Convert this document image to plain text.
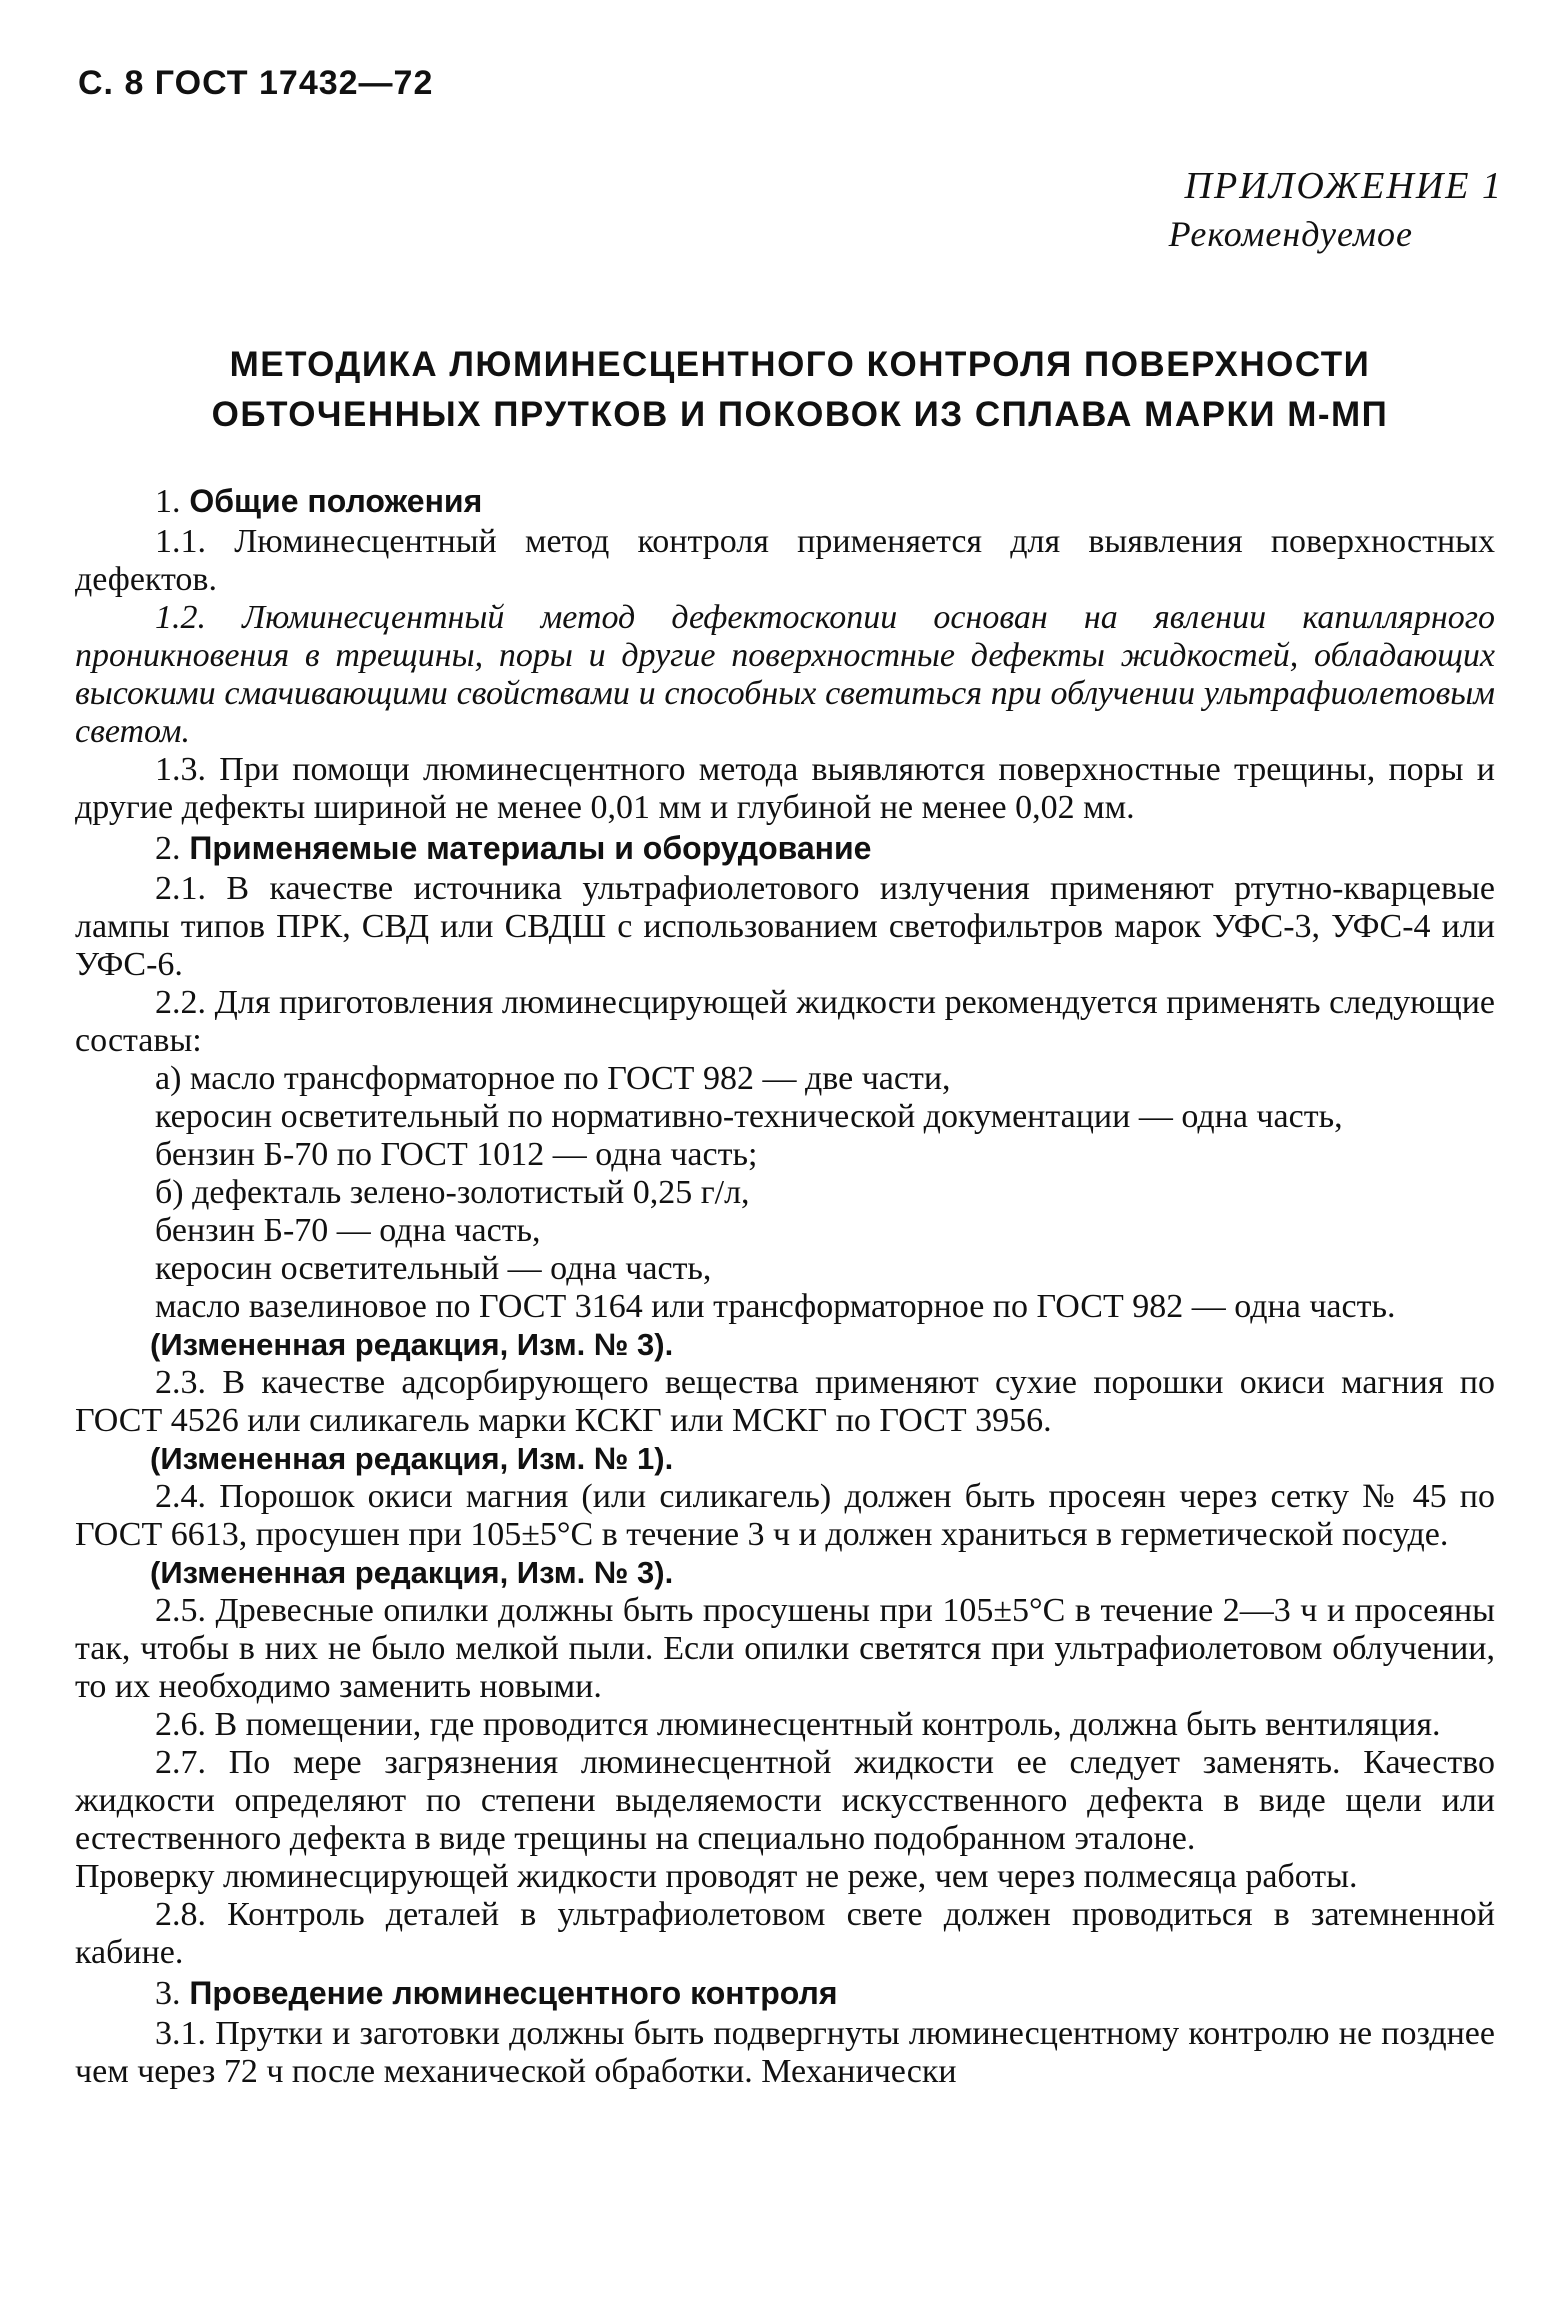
С. 8 ГОСТ 17432—72
ПРИЛОЖЕНИЕ 1
Рекомендуемое
МЕТОДИКА ЛЮМИНЕСЦЕНТНОГО КОНТРОЛЯ ПОВЕРХНОСТИ
ОБТОЧЕННЫХ ПРУТКОВ И ПОКОВОК ИЗ СПЛАВА МАРКИ М-МП

1. Общие положения

1.1. Люминесцентный метод контроля применяется для выявления поверхностных дефектов.

1.2. Люминесцентный метод дефектоскопии основан на явлении капиллярного проникновения в трещины, поры и другие поверхностные дефекты жидкостей, обладающих высокими смачивающими свойствами и способных светиться при облучении ультрафиолетовым светом.

1.3. При помощи люминесцентного метода выявляются поверхностные трещины, поры и другие дефекты шириной не менее 0,01 мм и глубиной не менее 0,02 мм.

2. Применяемые материалы и оборудование

2.1. В качестве источника ультрафиолетового излучения применяют ртутно-кварцевые лампы типов ПРК, СВД или СВДШ с использованием светофильтров марок УФС-3, УФС-4 или УФС-6.

2.2. Для приготовления люминесцирующей жидкости рекомендуется применять следующие составы:

а) масло трансформаторное по ГОСТ 982 — две части,

керосин осветительный по нормативно-технической документации — одна часть,

бензин Б-70 по ГОСТ 1012 — одна часть;

б) дефекталь зелено-золотистый 0,25 г/л,

бензин Б-70 — одна часть,

керосин осветительный — одна часть,

масло вазелиновое по ГОСТ 3164 или трансформаторное по ГОСТ 982 — одна часть.

(Измененная редакция, Изм. № 3).

2.3. В качестве адсорбирующего вещества применяют сухие порошки окиси магния по ГОСТ 4526 или силикагель марки КСКГ или МСКГ по ГОСТ 3956.

(Измененная редакция, Изм. № 1).

2.4. Порошок окиси магния (или силикагель) должен быть просеян через сетку № 45 по ГОСТ 6613, просушен при 105±5°С в течение 3 ч и должен храниться в герметической посуде.

(Измененная редакция, Изм. № 3).

2.5. Древесные опилки должны быть просушены при 105±5°С в течение 2—3 ч и просеяны так, чтобы в них не было мелкой пыли. Если опилки светятся при ультрафиолетовом облучении, то их необходимо заменить новыми.

2.6. В помещении, где проводится люминесцентный контроль, должна быть вентиляция.

2.7. По мере загрязнения люминесцентной жидкости ее следует заменять. Качество жидкости определяют по степени выделяемости искусственного дефекта в виде щели или естественного дефекта в виде трещины на специально подобранном эталоне.

Проверку люминесцирующей жидкости проводят не реже, чем через полмесяца работы.

2.8. Контроль деталей в ультрафиолетовом свете должен проводиться в затемненной кабине.

3. Проведение люминесцентного контроля

3.1. Прутки и заготовки должны быть подвергнуты люминесцентному контролю не позднее чем через 72 ч после механической обработки. Механически
